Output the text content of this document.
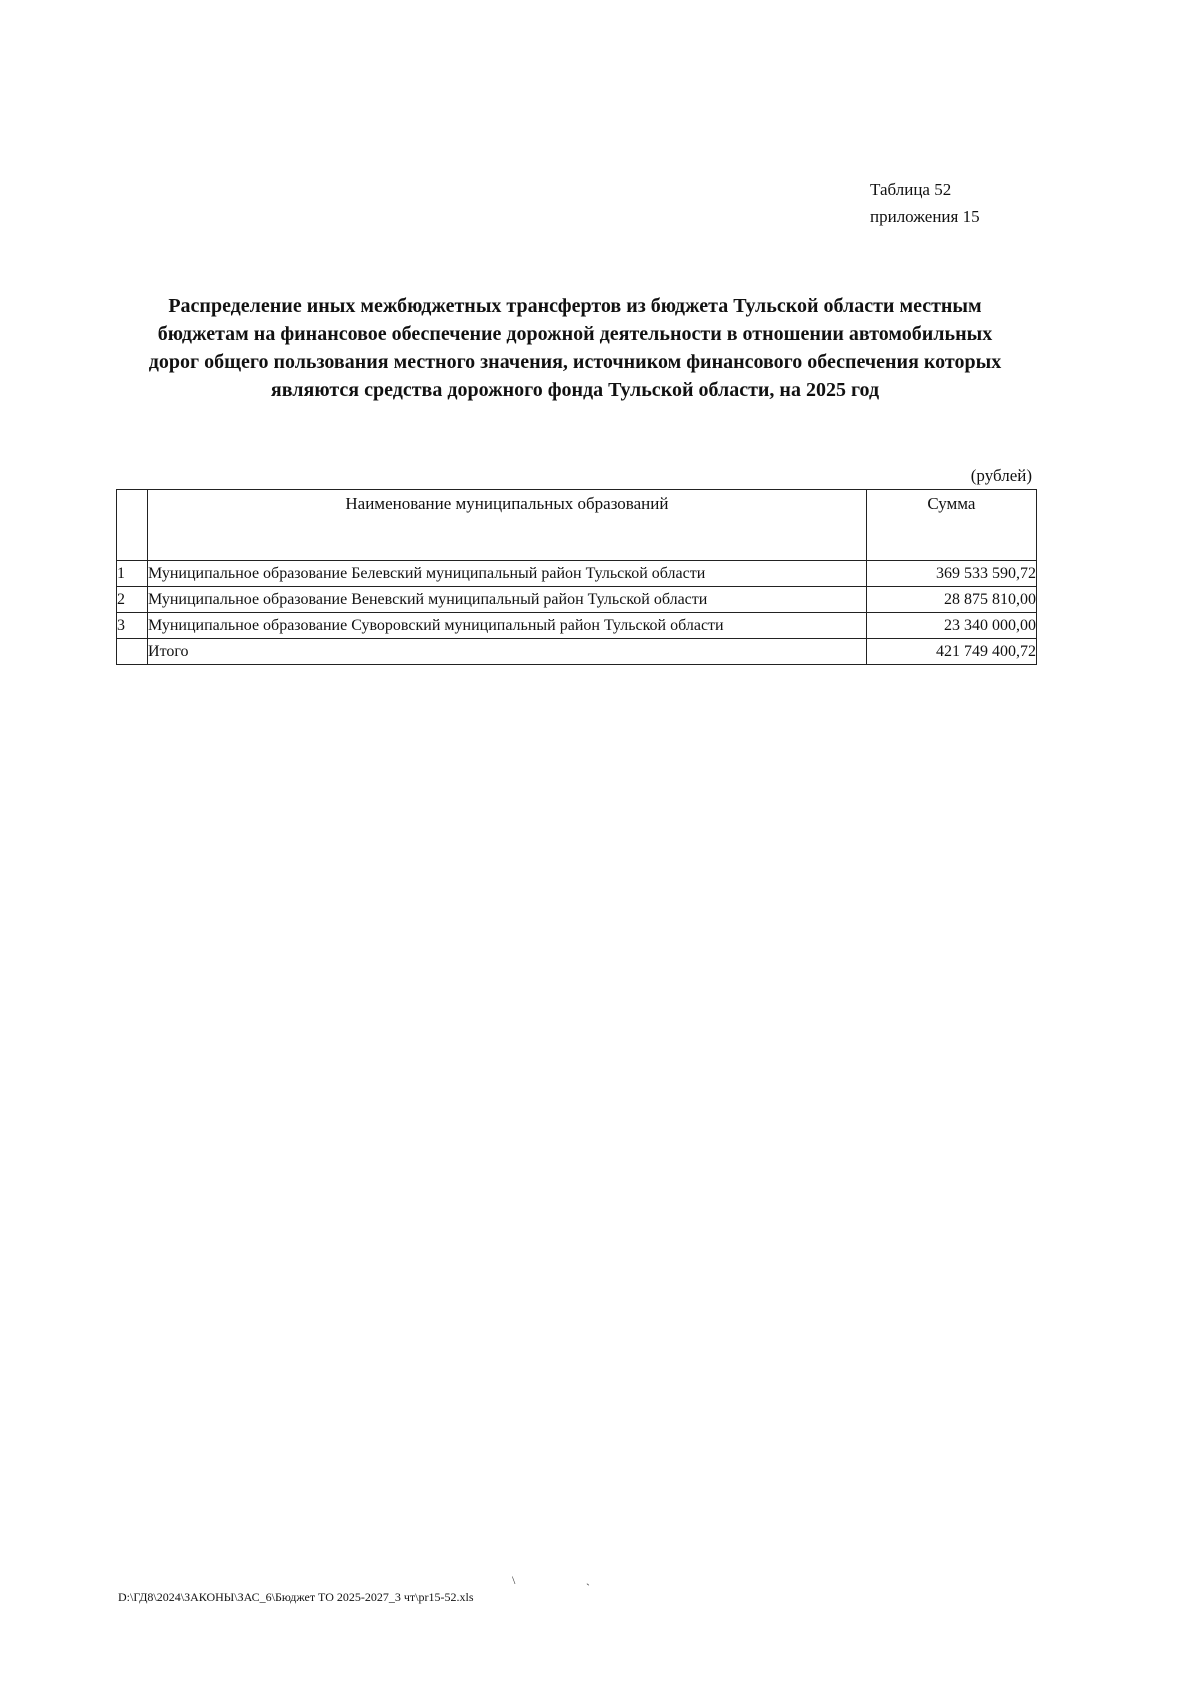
Таблица 52
приложения 15
Распределение иных межбюджетных трансфертов из бюджета Тульской области местным
бюджетам на финансовое обеспечение дорожной деятельности в отношении автомобильных
дорог общего пользования местного значения, источником финансового обеспечения которых
являются средства дорожного фонда Тульской области, на 2025 год
(рублей)
	Наименование муниципальных образований	Сумма
1	Муниципальное образование Белевский муниципальный район Тульской области	369 533 590,72
2	Муниципальное образование Веневский муниципальный район Тульской области	28 875 810,00
3	Муниципальное образование Суворовский муниципальный район Тульской области	23 340 000,00
	Итого	421 749 400,72
D:\ГД8\2024\ЗАКОНЫ\ЗАС_6\Бюджет ТО 2025-2027_3 чт\pr15-52.xls
\
ˋ
